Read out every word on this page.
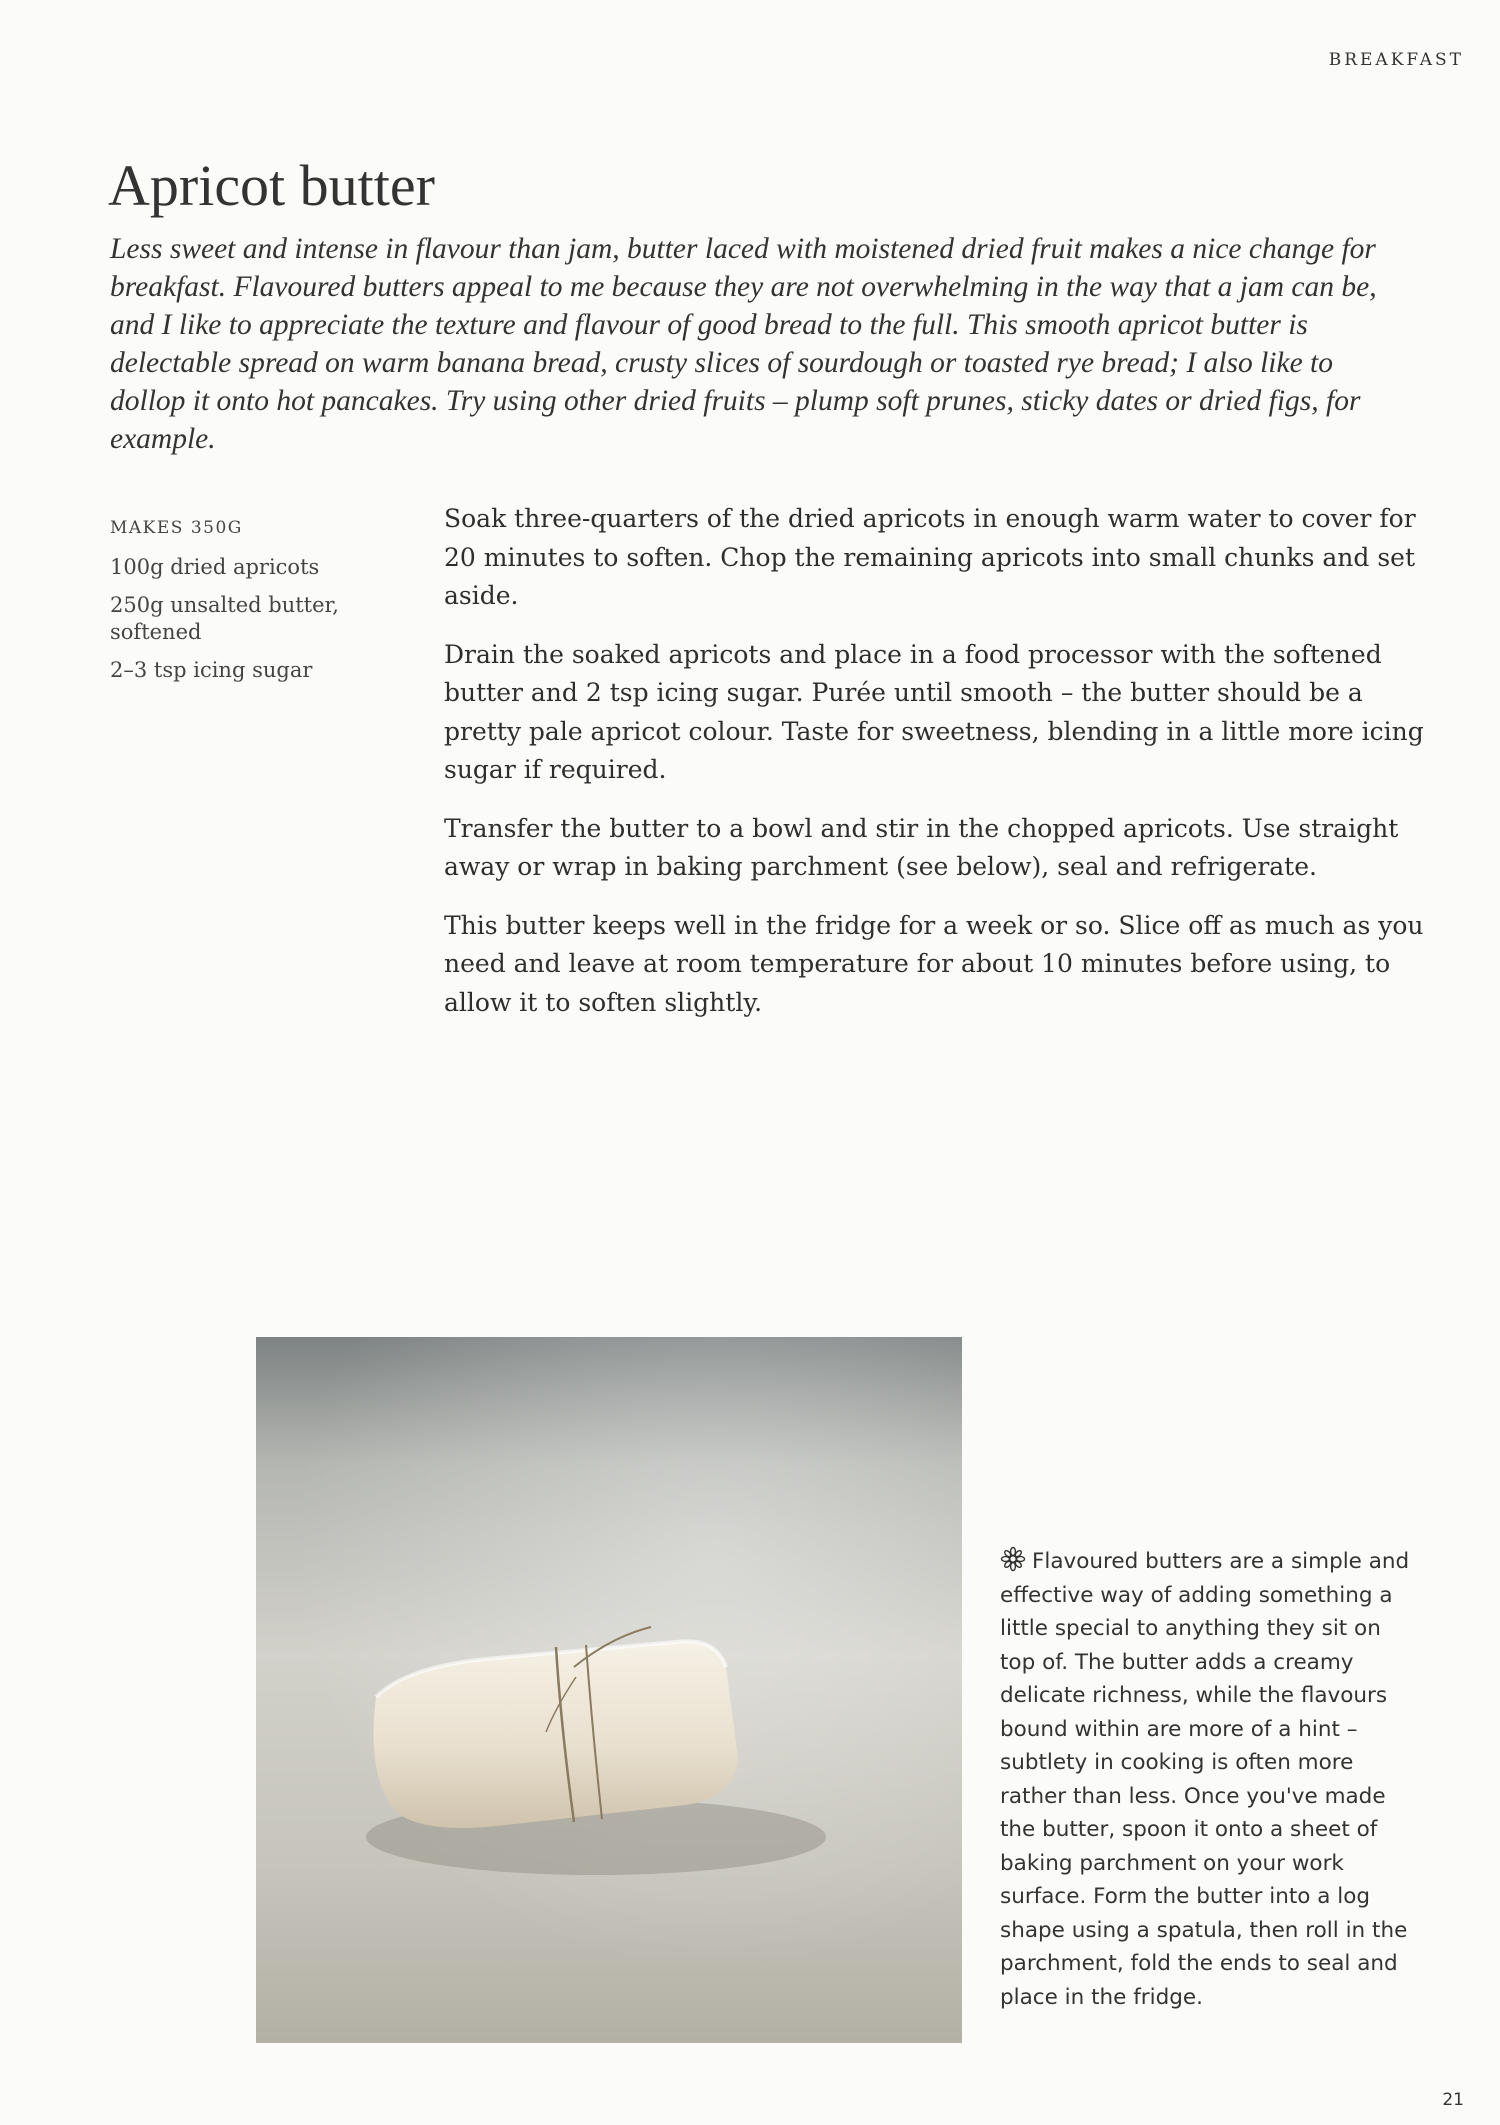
BREAKFAST
Apricot butter

Less sweet and intense in flavour than jam, butter laced with moistened dried fruit makes a nice change for breakfast. Flavoured butters appeal to me because they are not overwhelming in the way that a jam can be, and I like to appreciate the texture and flavour of good bread to the full. This smooth apricot butter is delectable spread on warm banana bread, crusty slices of sourdough or toasted rye bread; I also like to dollop it onto hot pancakes. Try using other dried fruits – plump soft prunes, sticky dates or dried figs, for example.

MAKES 350G
100g dried apricots
250g unsalted butter, softened
2–3 tsp icing sugar

Soak three-quarters of the dried apricots in enough warm water to cover for 20 minutes to soften. Chop the remaining apricots into small chunks and set aside.

Drain the soaked apricots and place in a food processor with the softened butter and 2 tsp icing sugar. Purée until smooth – the butter should be a pretty pale apricot colour. Taste for sweetness, blending in a little more icing sugar if required.

Transfer the butter to a bowl and stir in the chopped apricots. Use straight away or wrap in baking parchment (see below), seal and refrigerate.

This butter keeps well in the fridge for a week or so. Slice off as much as you need and leave at room temperature for about 10 minutes before using, to allow it to soften slightly.

Flavoured butters are a simple and effective way of adding something a little special to anything they sit on top of. The butter adds a creamy delicate richness, while the flavours bound within are more of a hint – subtlety in cooking is often more rather than less. Once you've made the butter, spoon it onto a sheet of baking parchment on your work surface. Form the butter into a log shape using a spatula, then roll in the parchment, fold the ends to seal and place in the fridge.

21
